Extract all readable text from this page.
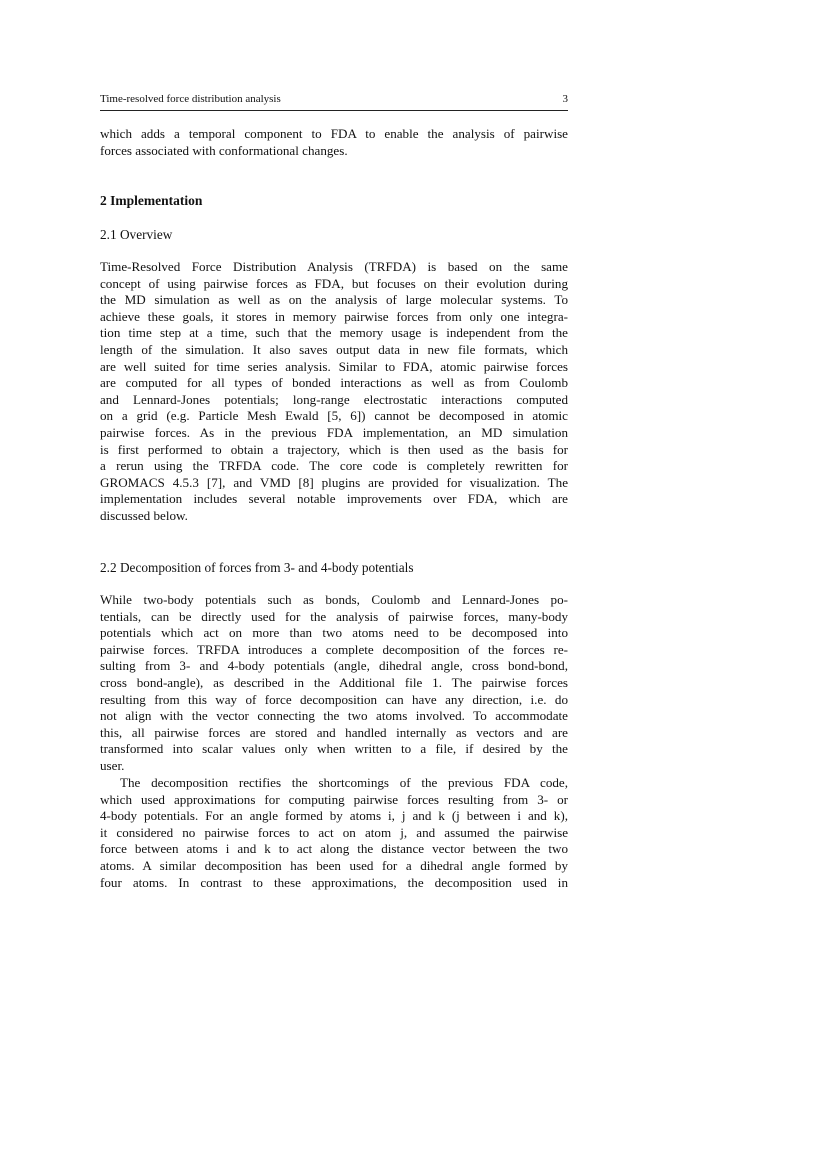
Time-resolved force distribution analysis	3
which adds a temporal component to FDA to enable the analysis of pairwise
forces associated with conformational changes.
2 Implementation
2.1 Overview
Time-Resolved Force Distribution Analysis (TRFDA) is based on the same
concept of using pairwise forces as FDA, but focuses on their evolution during
the MD simulation as well as on the analysis of large molecular systems. To
achieve these goals, it stores in memory pairwise forces from only one integra-
tion time step at a time, such that the memory usage is independent from the
length of the simulation. It also saves output data in new file formats, which
are well suited for time series analysis. Similar to FDA, atomic pairwise forces
are computed for all types of bonded interactions as well as from Coulomb
and Lennard-Jones potentials; long-range electrostatic interactions computed
on a grid (e.g. Particle Mesh Ewald [5, 6]) cannot be decomposed in atomic
pairwise forces. As in the previous FDA implementation, an MD simulation
is first performed to obtain a trajectory, which is then used as the basis for
a rerun using the TRFDA code. The core code is completely rewritten for
GROMACS 4.5.3 [7], and VMD [8] plugins are provided for visualization. The
implementation includes several notable improvements over FDA, which are
discussed below.
2.2 Decomposition of forces from 3- and 4-body potentials
While two-body potentials such as bonds, Coulomb and Lennard-Jones po-
tentials, can be directly used for the analysis of pairwise forces, many-body
potentials which act on more than two atoms need to be decomposed into
pairwise forces. TRFDA introduces a complete decomposition of the forces re-
sulting from 3- and 4-body potentials (angle, dihedral angle, cross bond-bond,
cross bond-angle), as described in the Additional file 1. The pairwise forces
resulting from this way of force decomposition can have any direction, i.e. do
not align with the vector connecting the two atoms involved. To accommodate
this, all pairwise forces are stored and handled internally as vectors and are
transformed into scalar values only when written to a file, if desired by the
user.
The decomposition rectifies the shortcomings of the previous FDA code,
which used approximations for computing pairwise forces resulting from 3- or
4-body potentials. For an angle formed by atoms i, j and k (j between i and k),
it considered no pairwise forces to act on atom j, and assumed the pairwise
force between atoms i and k to act along the distance vector between the two
atoms. A similar decomposition has been used for a dihedral angle formed by
four atoms. In contrast to these approximations, the decomposition used in
